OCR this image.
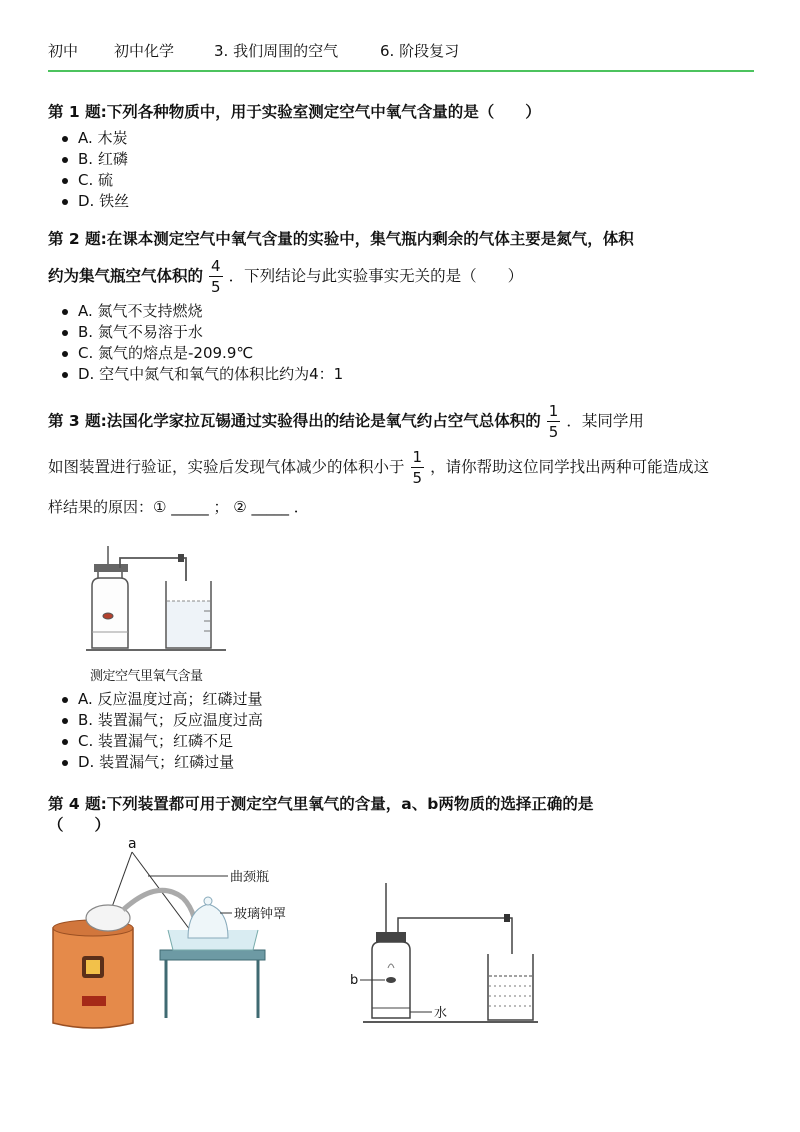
初中 初中化学	3. 我们周围的空气	6. 阶段复习
第 1 题:下列各种物质中，用于实验室测定空气中氧气含量的是（　　）
A. 木炭
B. 红磷
C. 硫
D. 铁丝
第 2 题:在课本测定空气中氧气含量的实验中，集气瓶内剩余的气体主要是氮气，体积
约为集气瓶空气体积的 $\frac{4}{5}$ ．下列结论与此实验事实无关的是（　　）
A. 氮气不支持燃烧
B. 氮气不易溶于水
C. 氮气的熔点是-209.9℃
D. 空气中氮气和氧气的体积比约为4：1
第 3 题:法国化学家拉瓦锡通过实验得出的结论是氧气约占空气总体积的 $\frac{1}{5}$ ．某同学用
如图装置进行验证，实验后发现气体减少的体积小于 $\frac{1}{5}$ ，请你帮助这位同学找出两种可能造成这
样结果的原因：① _____ ； ② _____ ．
测定空气里氧气含量
A. 反应温度过高；红磷过量
B. 装置漏气；反应温度过高
C. 装置漏气；红磷不足
D. 装置漏气；红磷过量
第 4 题:下列装置都可用于测定空气里氧气的含量，a、b两物质的选择正确的是
（　　）
a
曲颈瓶
玻璃钟罩
b
水
